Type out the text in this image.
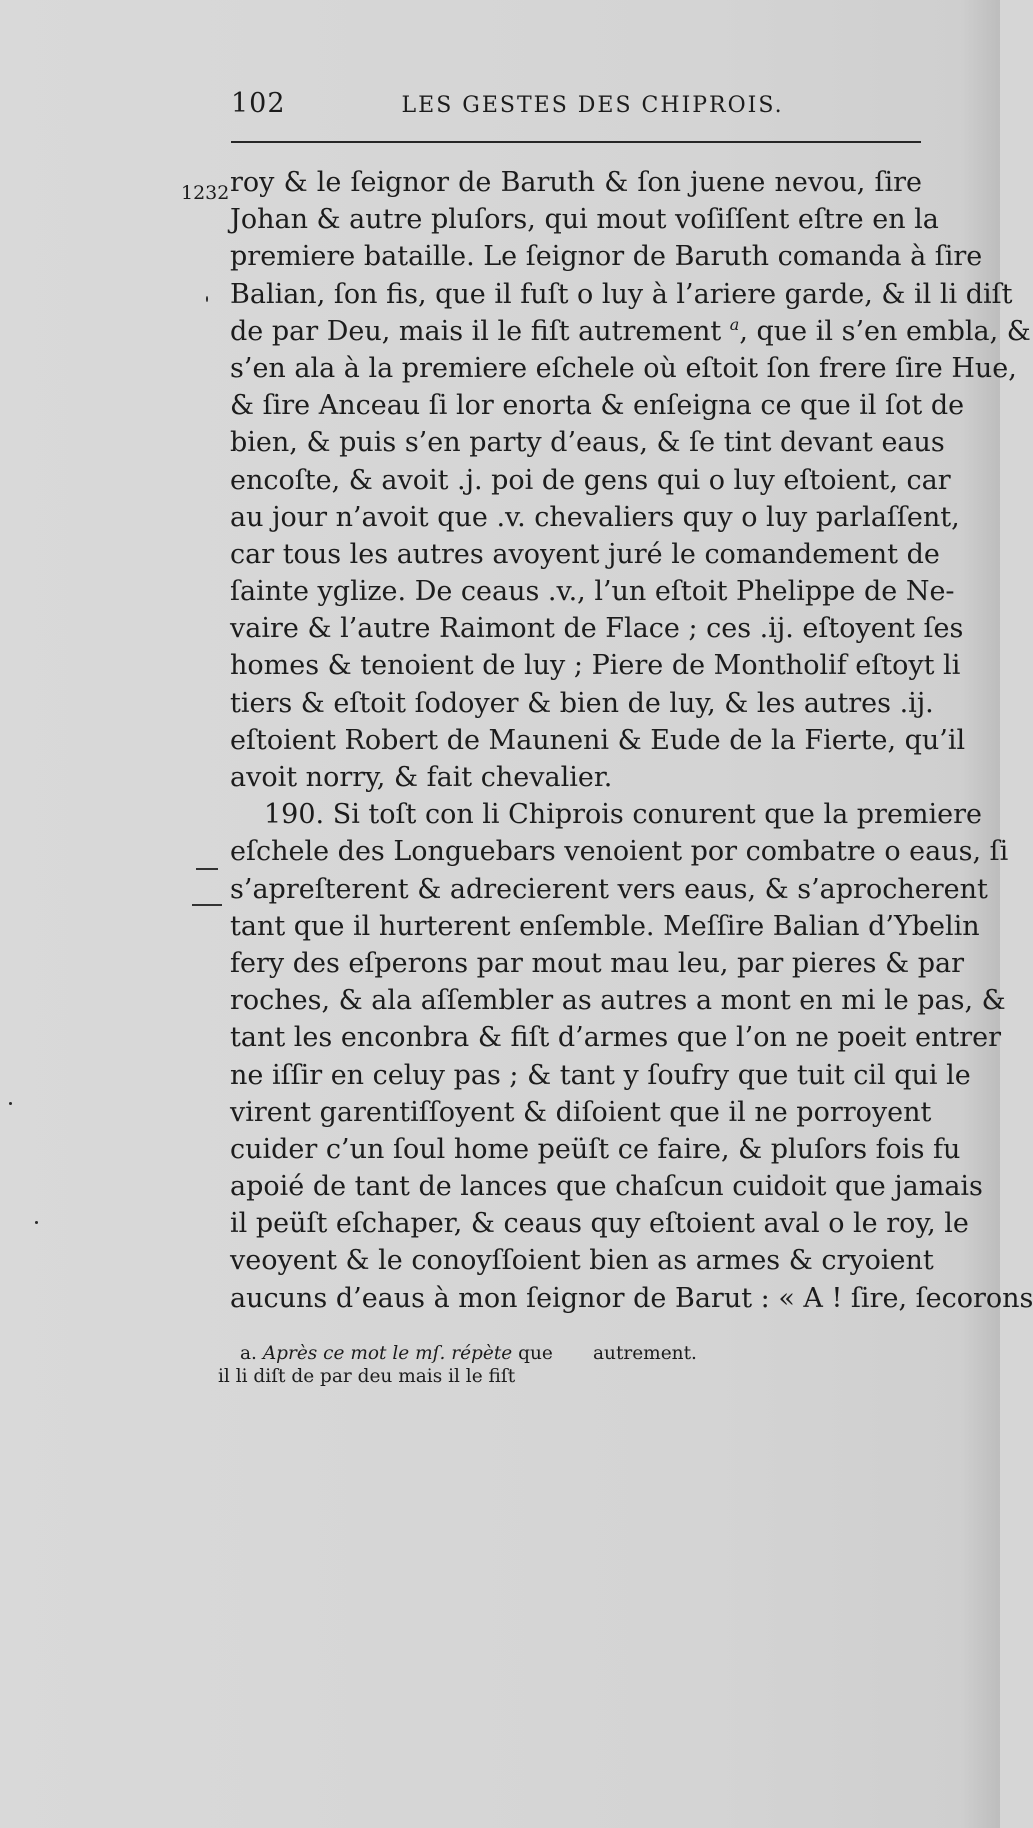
102	LES GESTES DES CHIPROIS.
1232 roy & le ſeignor de Baruth & ſon juene nevou, ſire
Johan & autre pluſors, qui mout voſiſſent eſtre en la
premiere bataille. Le ſeignor de Baruth comanda à ſire
Balian, ſon fis, que il fuſt o luy à l’ariere garde, & il li diſt
de par Deu, mais il le fiſt autrement $^a$, que il s’en embla, &
s’en ala à la premiere eſchele où eſtoit ſon frere ſire Hue,
& ſire Anceau ſi lor enorta & enſeigna ce que il ſot de
bien, & puis s’en party d’eaus, & ſe tint devant eaus
encoſte, & avoit .j. poi de gens qui o luy eſtoient, car
au jour n’avoit que .v. chevaliers quy o luy parlaſſent,
car tous les autres avoyent juré le comandement de
ſainte yglize. De ceaus .v., l’un eſtoit Phelippe de Ne-
vaire & l’autre Raimont de Flace ; ces .ij. eſtoyent ſes
homes & tenoient de luy ; Piere de Montholif eſtoyt li
tiers & eſtoit ſodoyer & bien de luy, & les autres .ij.
eſtoient Robert de Mauneni & Eude de la Fierte, qu’il
avoit norry, & fait chevalier.
190. Si toſt con li Chiprois conurent que la premiere
eſchele des Longuebars venoient por combatre o eaus, ſi
s’apreſterent & adrecierent vers eaus, & s’aprocherent
tant que il hurterent enſemble. Meſſire Balian d’Ybelin
fery des eſperons par mout mau leu, par pieres & par
roches, & ala aſſembler as autres a mont en mi le pas, &
tant les enconbra & fiſt d’armes que l’on ne poeit entrer
ne iſſir en celuy pas ; & tant y ſoufry que tuit cil qui le
virent garentiſſoyent & diſoient que il ne porroyent
cuider c’un ſoul home peüſt ce faire, & pluſors fois fu
apoié de tant de lances que chaſcun cuidoit que jamais
il peüſt eſchaper, & ceaus quy eſtoient aval o le roy, le
veoyent & le conoyſſoient bien as armes & cryoient
aucuns d’eaus à mon ſeignor de Barut : « A ! ſire, ſecorons
a. Après ce mot le mſ. répète que
il li diſt de par deu mais il le fiſt
autrement.
